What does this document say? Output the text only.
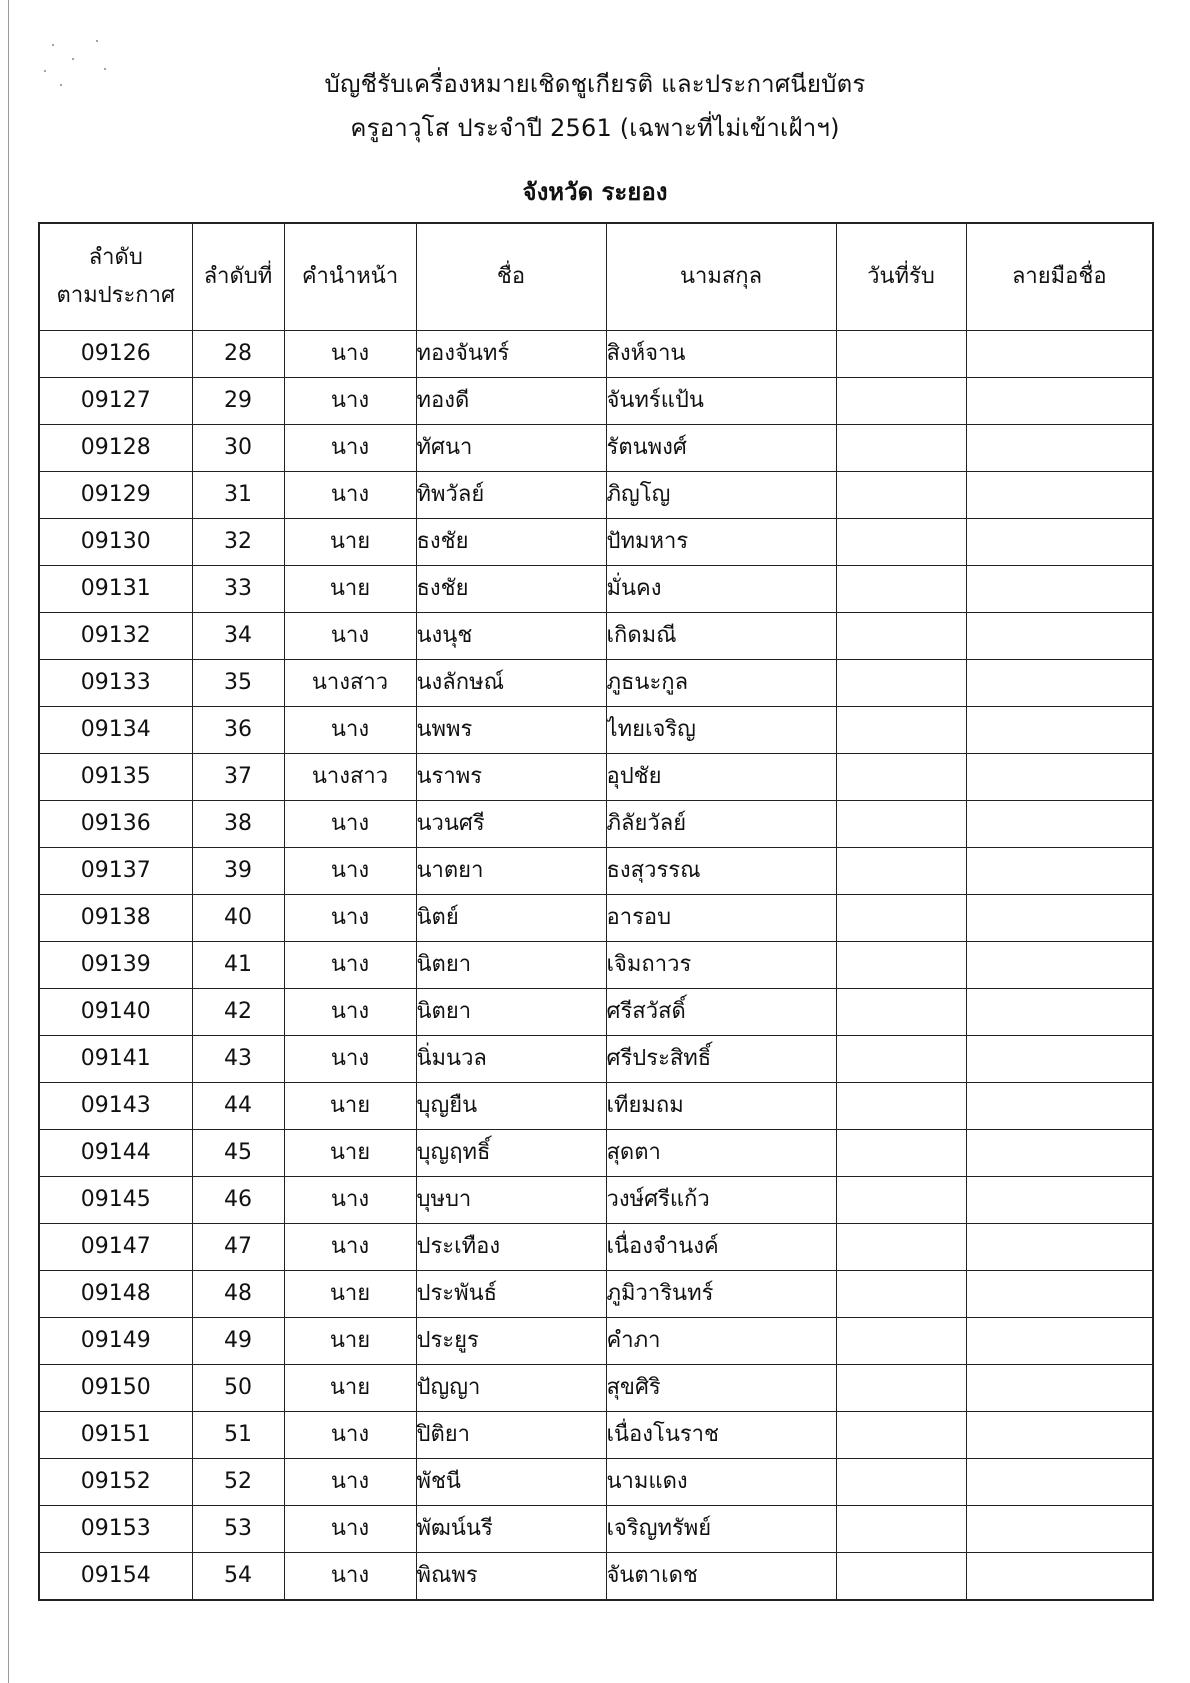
บัญชีรับเครื่องหมายเชิดชูเกียรติ และประกาศนียบัตร
ครูอาวุโส ประจำปี 2561 (เฉพาะที่ไม่เข้าเฝ้าฯ)
จังหวัด ระยอง
ลำดับ
ตามประกาศ	ลำดับที่	คำนำหน้า	ชื่อ	นามสกุล	วันที่รับ	ลายมือชื่อ
09126	28	นาง	ทองจันทร์	สิงห์จาน		
09127	29	นาง	ทองดี	จันทร์แป้น		
09128	30	นาง	ทัศนา	รัตนพงศ์		
09129	31	นาง	ทิพวัลย์	ภิญโญ		
09130	32	นาย	ธงชัย	ปัทมหาร		
09131	33	นาย	ธงชัย	มั่นคง		
09132	34	นาง	นงนุช	เกิดมณี		
09133	35	นางสาว	นงลักษณ์	ภูธนะกูล		
09134	36	นาง	นพพร	ไทยเจริญ		
09135	37	นางสาว	นราพร	อุปชัย		
09136	38	นาง	นวนศรี	ภิลัยวัลย์		
09137	39	นาง	นาตยา	ธงสุวรรณ		
09138	40	นาง	นิตย์	อารอบ		
09139	41	นาง	นิตยา	เจิมถาวร		
09140	42	นาง	นิตยา	ศรีสวัสดิ์		
09141	43	นาง	นิ่มนวล	ศรีประสิทธิ์		
09143	44	นาย	บุญยืน	เทียมถม		
09144	45	นาย	บุญฤทธิ์	สุดตา		
09145	46	นาง	บุษบา	วงษ์ศรีแก้ว		
09147	47	นาง	ประเทือง	เนื่องจำนงค์		
09148	48	นาย	ประพันธ์	ภูมิวารินทร์		
09149	49	นาย	ประยูร	คำภา		
09150	50	นาย	ปัญญา	สุขศิริ		
09151	51	นาง	ปิติยา	เนื่องโนราช		
09152	52	นาง	พัชนี	นามแดง		
09153	53	นาง	พัฒน์นรี	เจริญทรัพย์		
09154	54	นาง	พิณพร	จันตาเดช		
